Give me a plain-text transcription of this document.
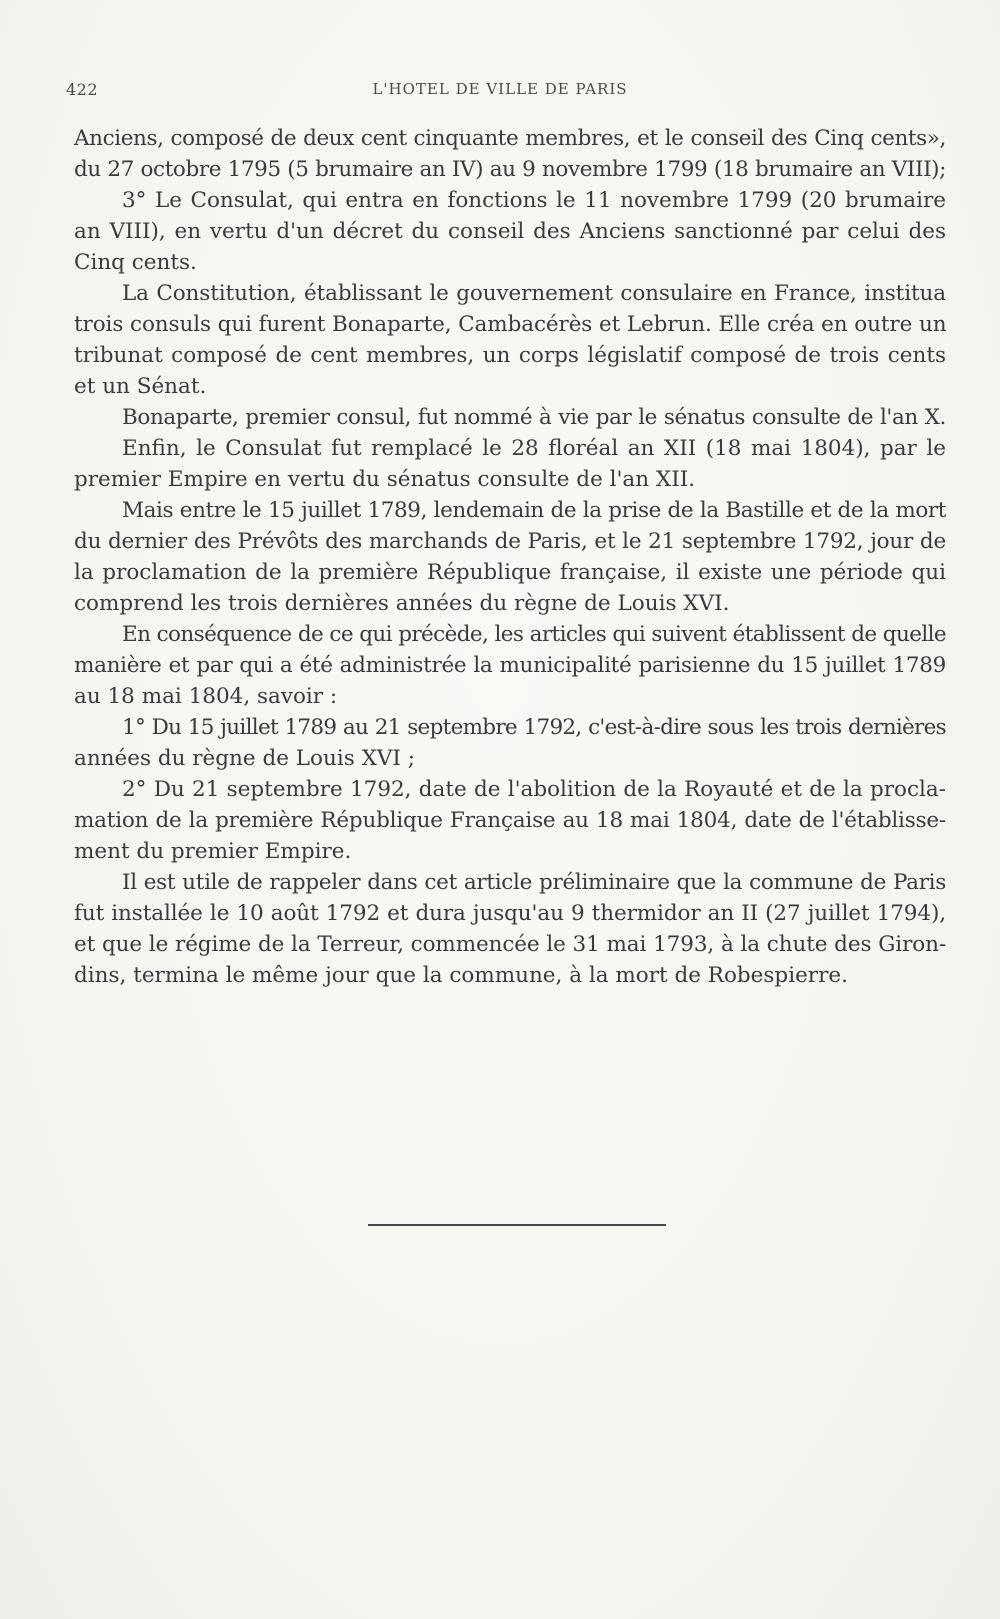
422	L'HOTEL DE VILLE DE PARIS
Anciens, composé de deux cent cinquante membres, et le conseil des Cinq cents»,
du 27 octobre 1795 (5 brumaire an IV) au 9 novembre 1799 (18 brumaire an VIII);
3° Le Consulat, qui entra en fonctions le 11 novembre 1799 (20 brumaire
an VIII), en vertu d'un décret du conseil des Anciens sanctionné par celui des
Cinq cents.
La Constitution, établissant le gouvernement consulaire en France, institua
trois consuls qui furent Bonaparte, Cambacérès et Lebrun. Elle créa en outre un
tribunat composé de cent membres, un corps législatif composé de trois cents
et un Sénat.
Bonaparte, premier consul, fut nommé à vie par le sénatus consulte de l'an X.
Enfin, le Consulat fut remplacé le 28 floréal an XII (18 mai 1804), par le
premier Empire en vertu du sénatus consulte de l'an XII.
Mais entre le 15 juillet 1789, lendemain de la prise de la Bastille et de la mort
du dernier des Prévôts des marchands de Paris, et le 21 septembre 1792, jour de
la proclamation de la première République française, il existe une période qui
comprend les trois dernières années du règne de Louis XVI.
En conséquence de ce qui précède, les articles qui suivent établissent de quelle
manière et par qui a été administrée la municipalité parisienne du 15 juillet 1789
au 18 mai 1804, savoir :
1° Du 15 juillet 1789 au 21 septembre 1792, c'est-à-dire sous les trois dernières
années du règne de Louis XVI ;
2° Du 21 septembre 1792, date de l'abolition de la Royauté et de la procla-
mation de la première République Française au 18 mai 1804, date de l'établisse-
ment du premier Empire.
Il est utile de rappeler dans cet article préliminaire que la commune de Paris
fut installée le 10 août 1792 et dura jusqu'au 9 thermidor an II (27 juillet 1794),
et que le régime de la Terreur, commencée le 31 mai 1793, à la chute des Giron-
dins, termina le même jour que la commune, à la mort de Robespierre.
